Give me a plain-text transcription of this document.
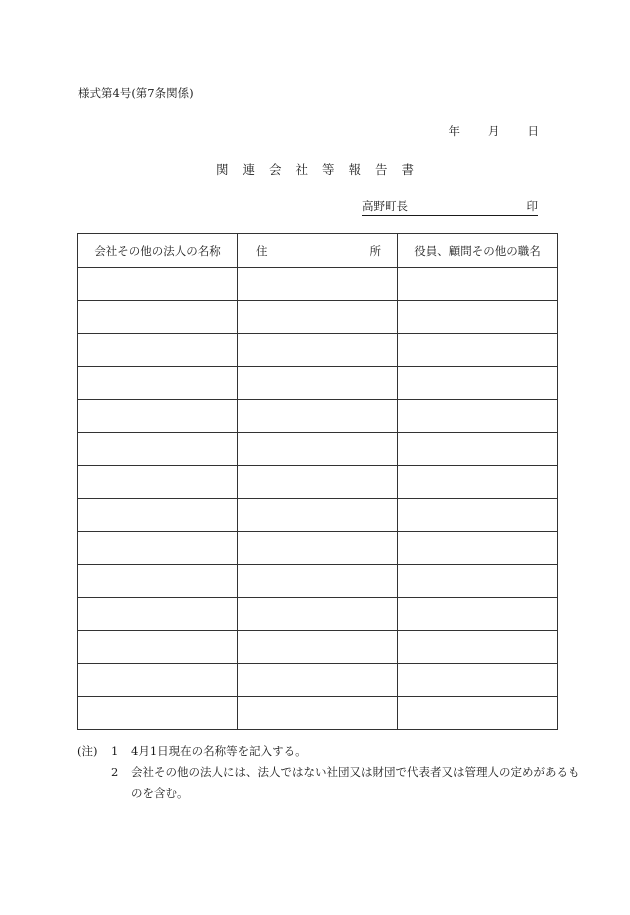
様式第4号(第7条関係)
年 月 日
関連会社等報告書
高野町長	印
会社その他の法人の名称	住 所	役員、顧問その他の職名

(注)	1	4月1日現在の名称等を記入する。
2	会社その他の法人には、法人ではない社団又は財団で代表者又は管理人の定めがあるものを含む。
